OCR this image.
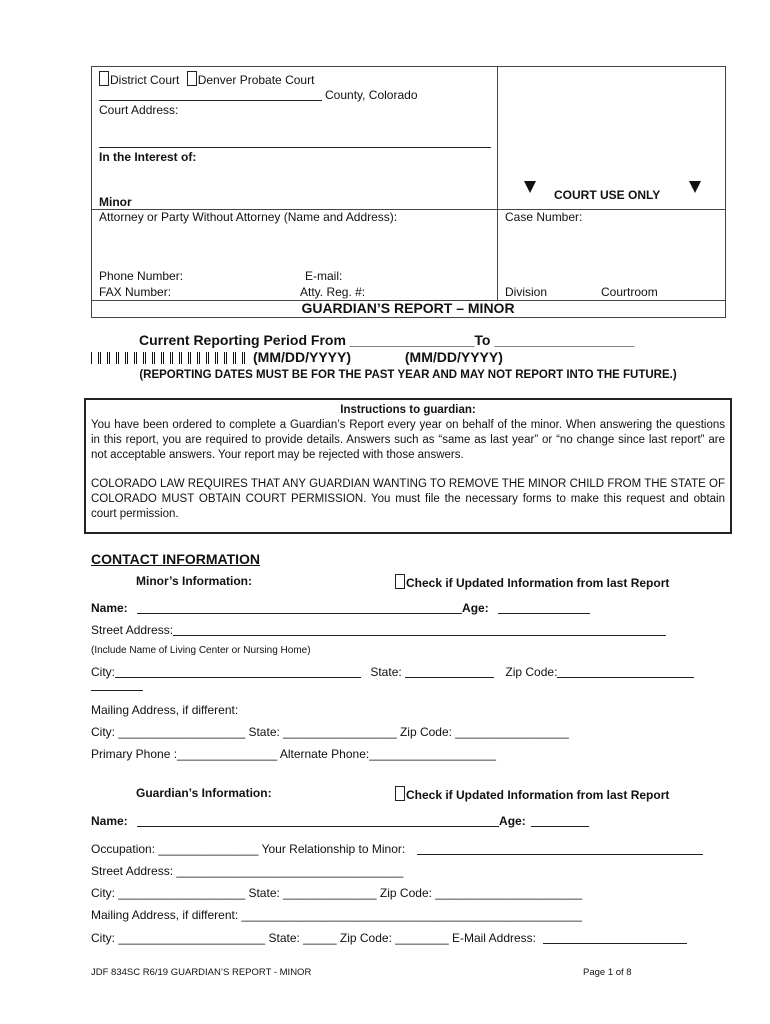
District Court Denver Probate Court
County, Colorado
Court Address:
In the Interest of:
Minor	COURT USE ONLY
Attorney or Party Without Attorney (Name and Address):	Case Number:
Phone Number:	E-mail:
FAX Number:	Atty. Reg. #:	Division	Courtroom
GUARDIAN’S REPORT – MINOR
Current Reporting Period From ________________To __________________
(MM/DD/YYYY)	(MM/DD/YYYY)
(REPORTING DATES MUST BE FOR THE PAST YEAR AND MAY NOT REPORT INTO THE FUTURE.)
Instructions to guardian:
You have been ordered to complete a Guardian’s Report every year on behalf of the minor. When answering the questions in this report, you are required to provide details. Answers such as “same as last year” or “no change since last report” are not acceptable answers. Your report may be rejected with those answers.
COLORADO LAW REQUIRES THAT ANY GUARDIAN WANTING TO REMOVE THE MINOR CHILD FROM THE STATE OF COLORADO MUST OBTAIN COURT PERMISSION. You must file the necessary forms to make this request and obtain court permission.
CONTACT INFORMATION
Minor’s Information:	Check if Updated Information from last Report
Name:	Age:
Street Address:
(Include Name of Living Center or Nursing Home)
City:	State:	Zip Code:
Mailing Address, if different:
City: ___________________ State: _________________ Zip Code: _________________
Primary Phone :_______________ Alternate Phone:___________________
Guardian’s Information:	Check if Updated Information from last Report
Name:	Age:
Occupation: _______________ Your Relationship to Minor:
Street Address: __________________________________
City: ___________________ State: ______________ Zip Code: ______________________
Mailing Address, if different: ___________________________________________________
City: ______________________ State: _____ Zip Code: ________ E-Mail Address:
JDF 834SC R6/19 GUARDIAN’S REPORT - MINOR	Page 1 of 8
